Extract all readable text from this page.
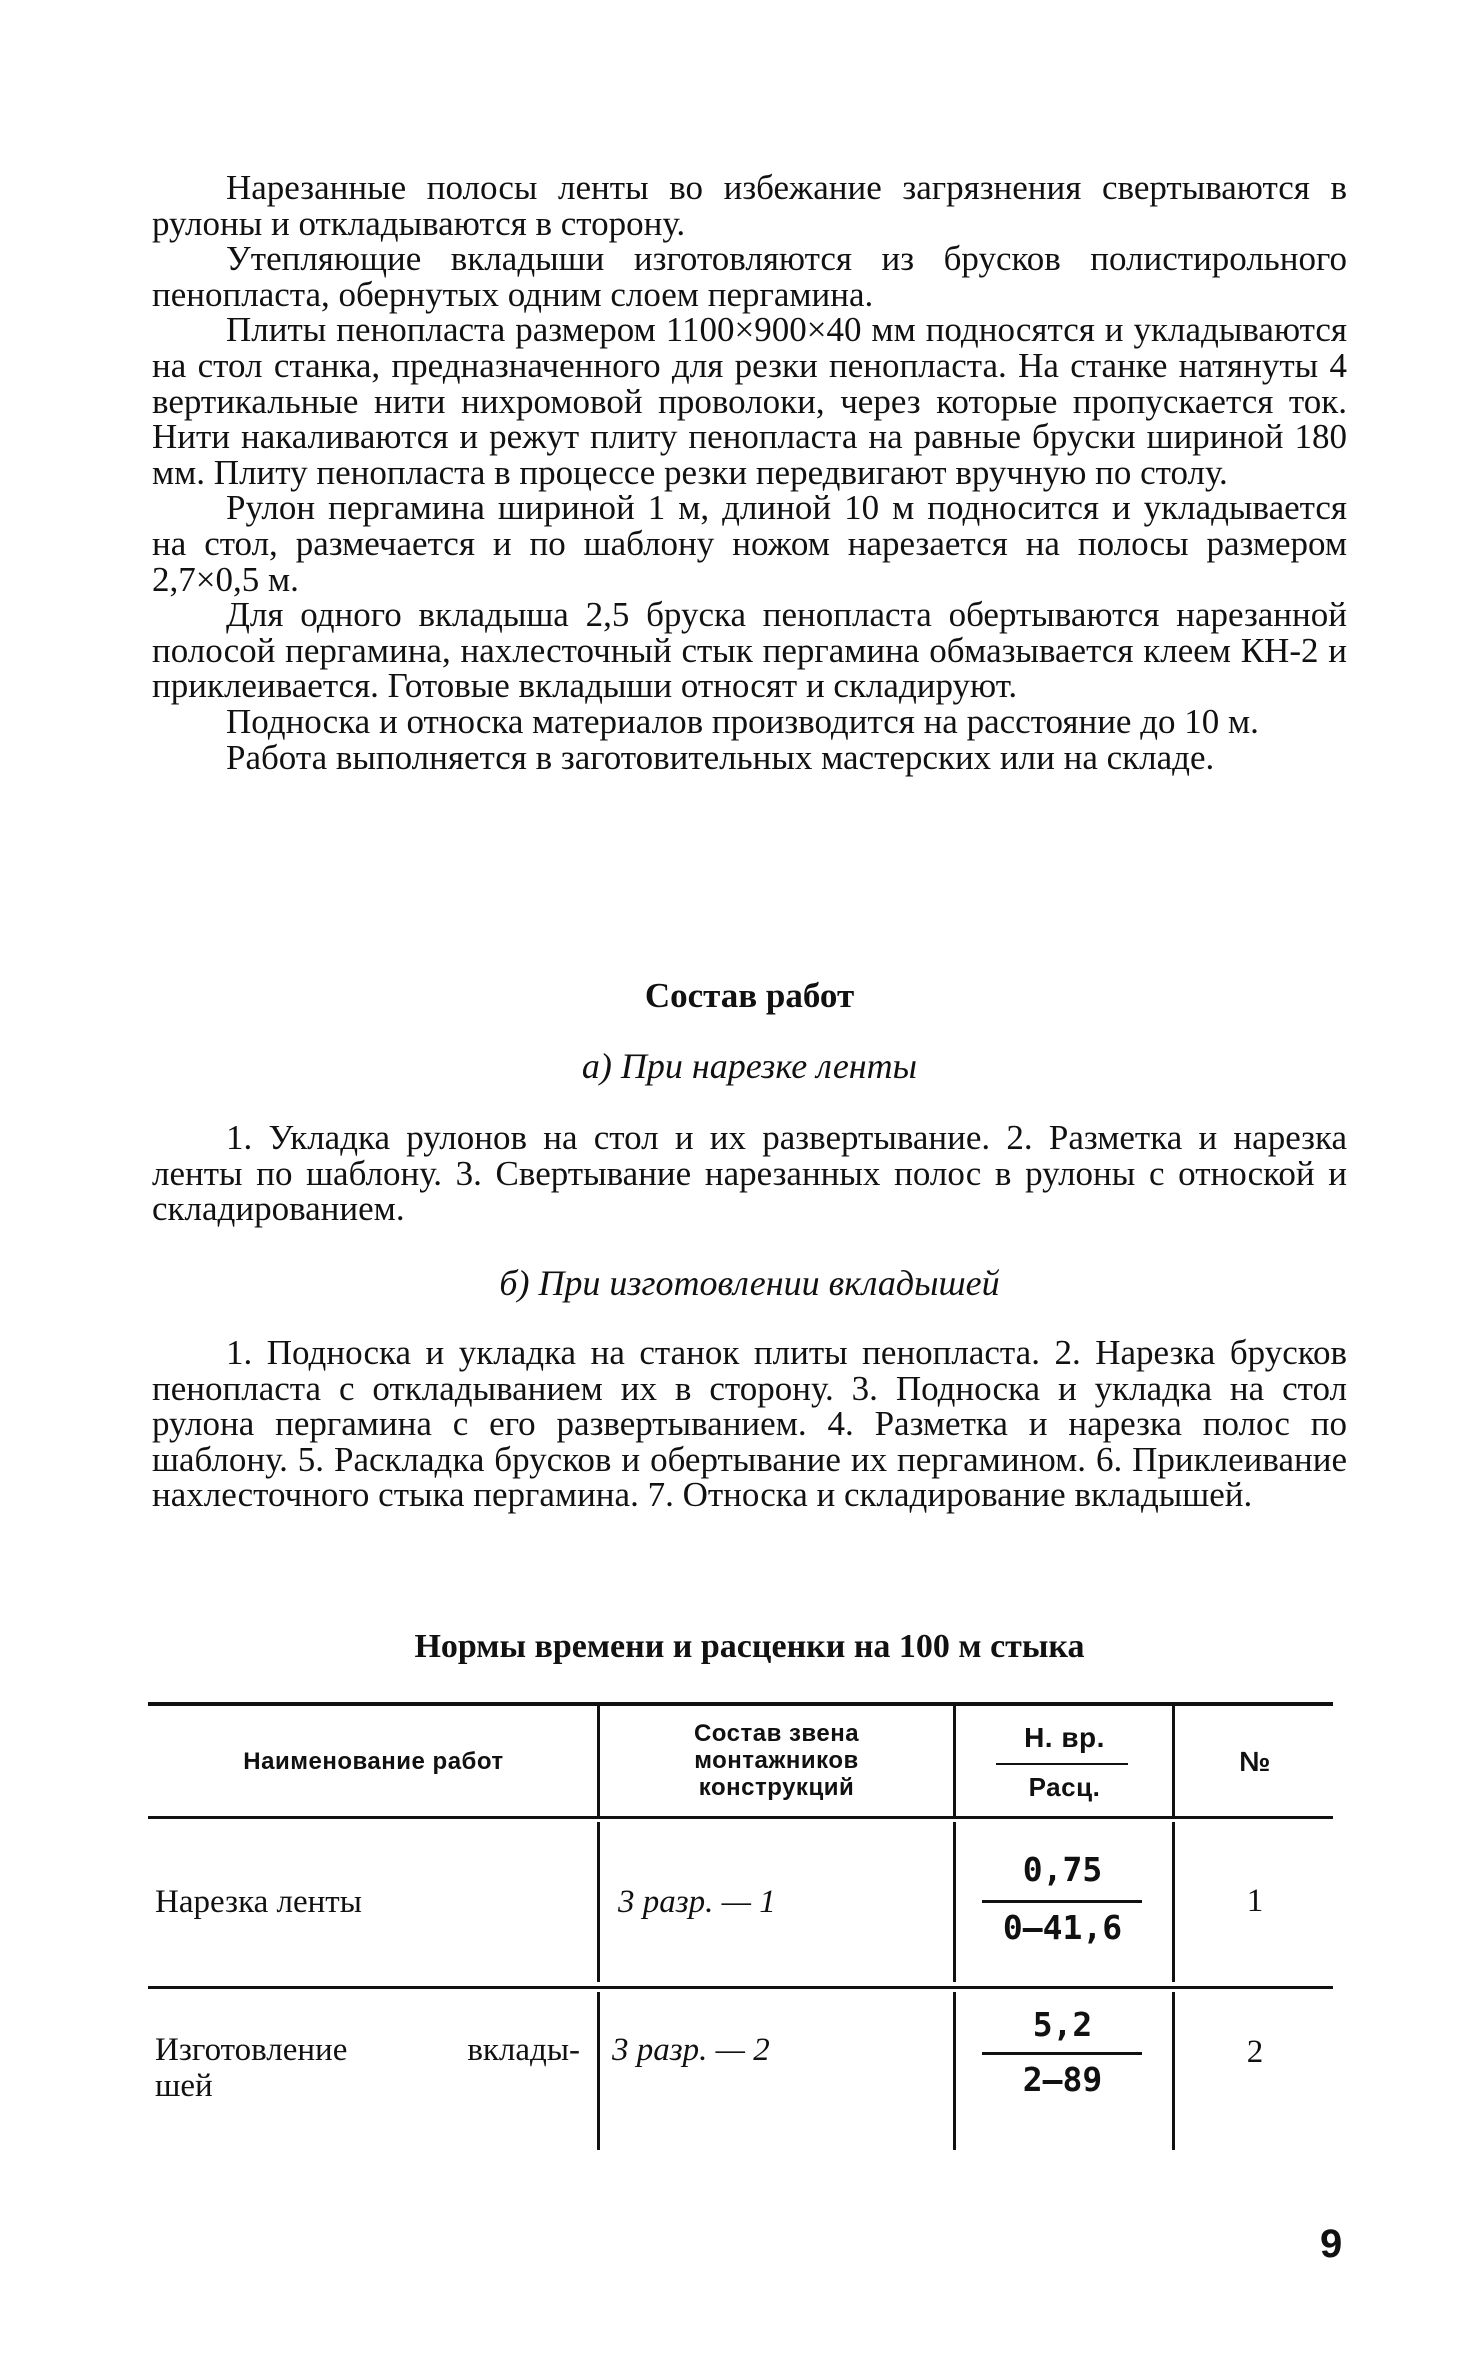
Нарезанные полосы ленты во избежание загрязнения свертываются в рулоны и откладываются в сторону.

Утепляющие вкладыши изготовляются из брусков полистирольного пенопласта, обернутых одним слоем пергамина.

Плиты пенопласта размером 1100×900×40 мм подносятся и укладываются на стол станка, предназначенного для резки пенопласта. На станке натянуты 4 вертикальные нити нихромовой проволоки, через которые пропускается ток. Нити накаливаются и режут плиту пенопласта на равные бруски шириной 180 мм. Плиту пенопласта в процессе резки передвигают вручную по столу.

Рулон пергамина шириной 1 м, длиной 10 м подносится и укладывается на стол, размечается и по шаблону ножом нарезается на полосы размером 2,7×0,5 м.

Для одного вкладыша 2,5 бруска пенопласта обертываются нарезанной полосой пергамина, нахлесточный стык пергамина обмазывается клеем КН-2 и приклеивается. Готовые вкладыши относят и складируют.

Подноска и относка материалов производится на расстояние до 10 м.

Работа выполняется в заготовительных мастерских или на складе.

Состав работ
а) При нарезке ленты

1. Укладка рулонов на стол и их развертывание. 2. Разметка и нарезка ленты по шаблону. 3. Свертывание нарезанных полос в рулоны с отноской и складированием.

б) При изготовлении вкладышей

1. Подноска и укладка на станок плиты пенопласта. 2. Нарезка брусков пенопласта с откладыванием их в сторону. 3. Подноска и укладка на стол рулона пергамина с его развертыванием. 4. Разметка и нарезка полос по шаблону. 5. Раскладка брусков и обертывание их пергамином. 6. Приклеивание нахлесточного стыка пергамина. 7. Относка и складирование вкладышей.

Нормы времени и расценки на 100 м стыка
Наименование работ
Состав звена
монтажников
конструкций
Н. вр.
Расц.
№
Нарезка ленты	3 разр. — 1
0,75
0—41,6
1
Изготовление вклады-
шей
3 разр. — 2
5,2
2—89
2
9
